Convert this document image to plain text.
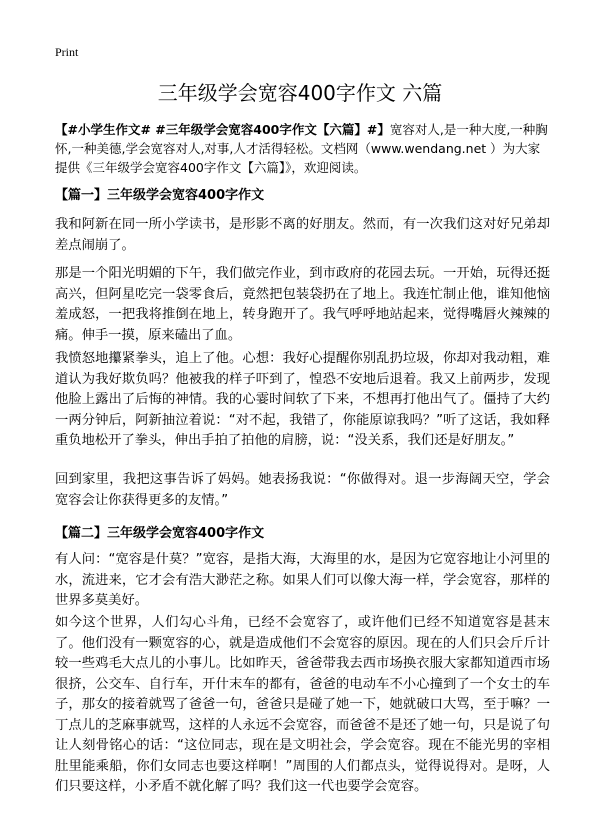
Print
三年级学会宽容400字作文 六篇
【#小学生作文# #三年级学会宽容400字作文【六篇】#】宽容对人,是一种大度,一种胸怀,一种美德,学会宽容对人,对事,人才活得轻松。文档网（www.wendang.net ）为大家提供《三年级学会宽容400字作文【六篇】》，欢迎阅读。
【篇一】三年级学会宽容400字作文
我和阿新在同一所小学读书，是形影不离的好朋友。然而，有一次我们这对好兄弟却差点闹崩了。
那是一个阳光明媚的下午，我们做完作业，到市政府的花园去玩。一开始，玩得还挺高兴，但阿星吃完一袋零食后，竟然把包装袋扔在了地上。我连忙制止他，谁知他恼羞成怒，一把我将推倒在地上，转身跑开了。我气呼呼地站起来，觉得嘴唇火辣辣的痛。伸手一摸，原来磕出了血。
我愤怒地攥紧拳头，追上了他。心想：我好心提醒你别乱扔垃圾，你却对我动粗，难道认为我好欺负吗？他被我的样子吓到了，惶恐不安地后退着。我又上前两步，发现他脸上露出了后悔的神情。我的心霎时间软了下来，不想再打他出气了。僵持了大约一两分钟后，阿新抽泣着说：“对不起，我错了，你能原谅我吗？”听了这话，我如释重负地松开了拳头，伸出手拍了拍他的肩膀，说：“没关系，我们还是好朋友。”
回到家里，我把这事告诉了妈妈。她表扬我说：“你做得对。退一步海阔天空，学会宽容会让你获得更多的友情。”
【篇二】三年级学会宽容400字作文
有人问：“宽容是什莫？”宽容，是指大海，大海里的水，是因为它宽容地让小河里的水，流进来，它才会有浩大渺茫之称。如果人们可以像大海一样，学会宽容，那样的世界多莫美好。
如今这个世界，人们勾心斗角，已经不会宽容了，或许他们已经不知道宽容是甚末了。他们没有一颗宽容的心，就是造成他们不会宽容的原因。现在的人们只会斤斤计较一些鸡毛大点儿的小事儿。比如昨天，爸爸带我去西市场换衣服大家都知道西市场很挤，公交车、自行车，开什末车的都有，爸爸的电动车不小心撞到了一个女士的车子，那女的接着就骂了爸爸一句，爸爸只是碰了她一下，她就破口大骂，至于嘛？一丁点儿的芝麻事就骂，这样的人永远不会宽容，而爸爸不是还了她一句，只是说了句让人刻骨铭心的话：“这位同志，现在是文明社会，学会宽容。现在不能光男的宰相肚里能乘船，你们女同志也要这样啊！”周围的人们都点头，觉得说得对。是呀，人们只要这样，小矛盾不就化解了吗？我们这一代也要学会宽容。
